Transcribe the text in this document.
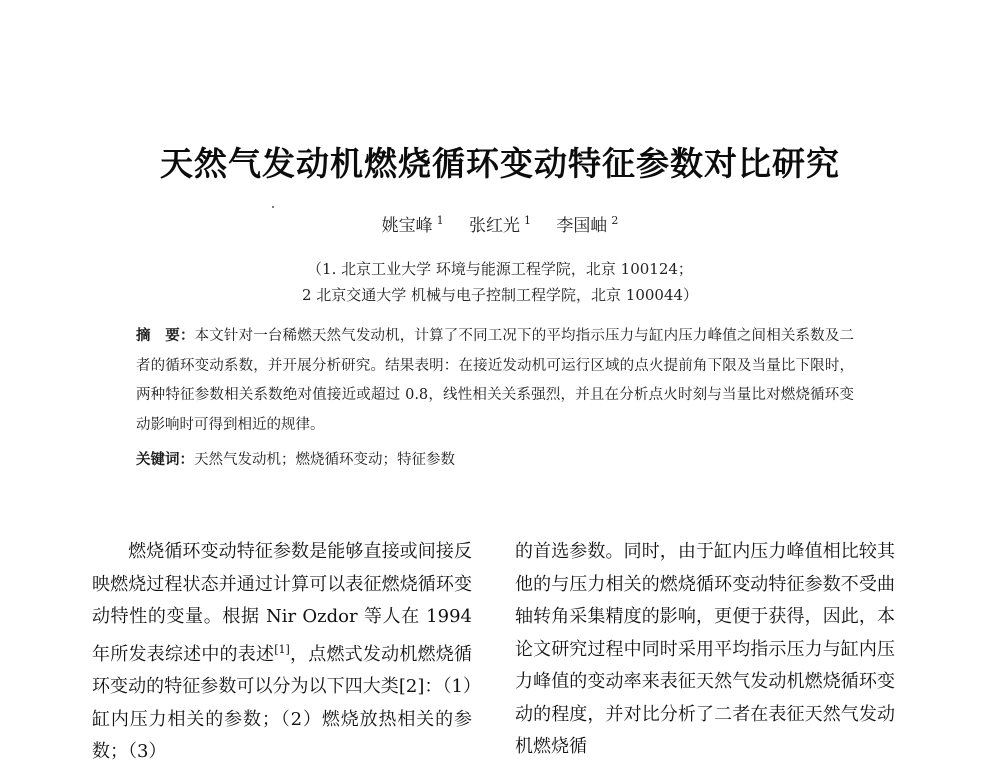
天然气发动机燃烧循环变动特征参数对比研究
姚宝峰 $^1$ 张红光 $^1$ 李国岫 $^2$
（1. 北京工业大学 环境与能源工程学院，北京 100124；
2 北京交通大学 机械与电子控制工程学院，北京 100044）
摘　要：本文针对一台稀燃天然气发动机，计算了不同工况下的平均指示压力与缸内压力峰值之间相关系数及二者的循环变动系数，并开展分析研究。结果表明：在接近发动机可运行区域的点火提前角下限及当量比下限时，两种特征参数相关系数绝对值接近或超过 0.8，线性相关关系强烈，并且在分析点火时刻与当量比对燃烧循环变动影响时可得到相近的规律。
关键词：天然气发动机；燃烧循环变动；特征参数
燃烧循环变动特征参数是能够直接或间接反映燃烧过程状态并通过计算可以表征燃烧循环变动特性的变量。根据 Nir Ozdor 等人在 1994 年所发表综述中的表述[1]，点燃式发动机燃烧循环变动的特征参数可以分为以下四大类[2]：（1）缸内压力相关的参数；（2）燃烧放热相关的参数；（3）
的首选参数。同时，由于缸内压力峰值相比较其他的与压力相关的燃烧循环变动特征参数不受曲轴转角采集精度的影响，更便于获得，因此，本论文研究过程中同时采用平均指示压力与缸内压力峰值的变动率来表征天然气发动机燃烧循环变动的程度，并对比分析了二者在表征天然气发动机燃烧循
